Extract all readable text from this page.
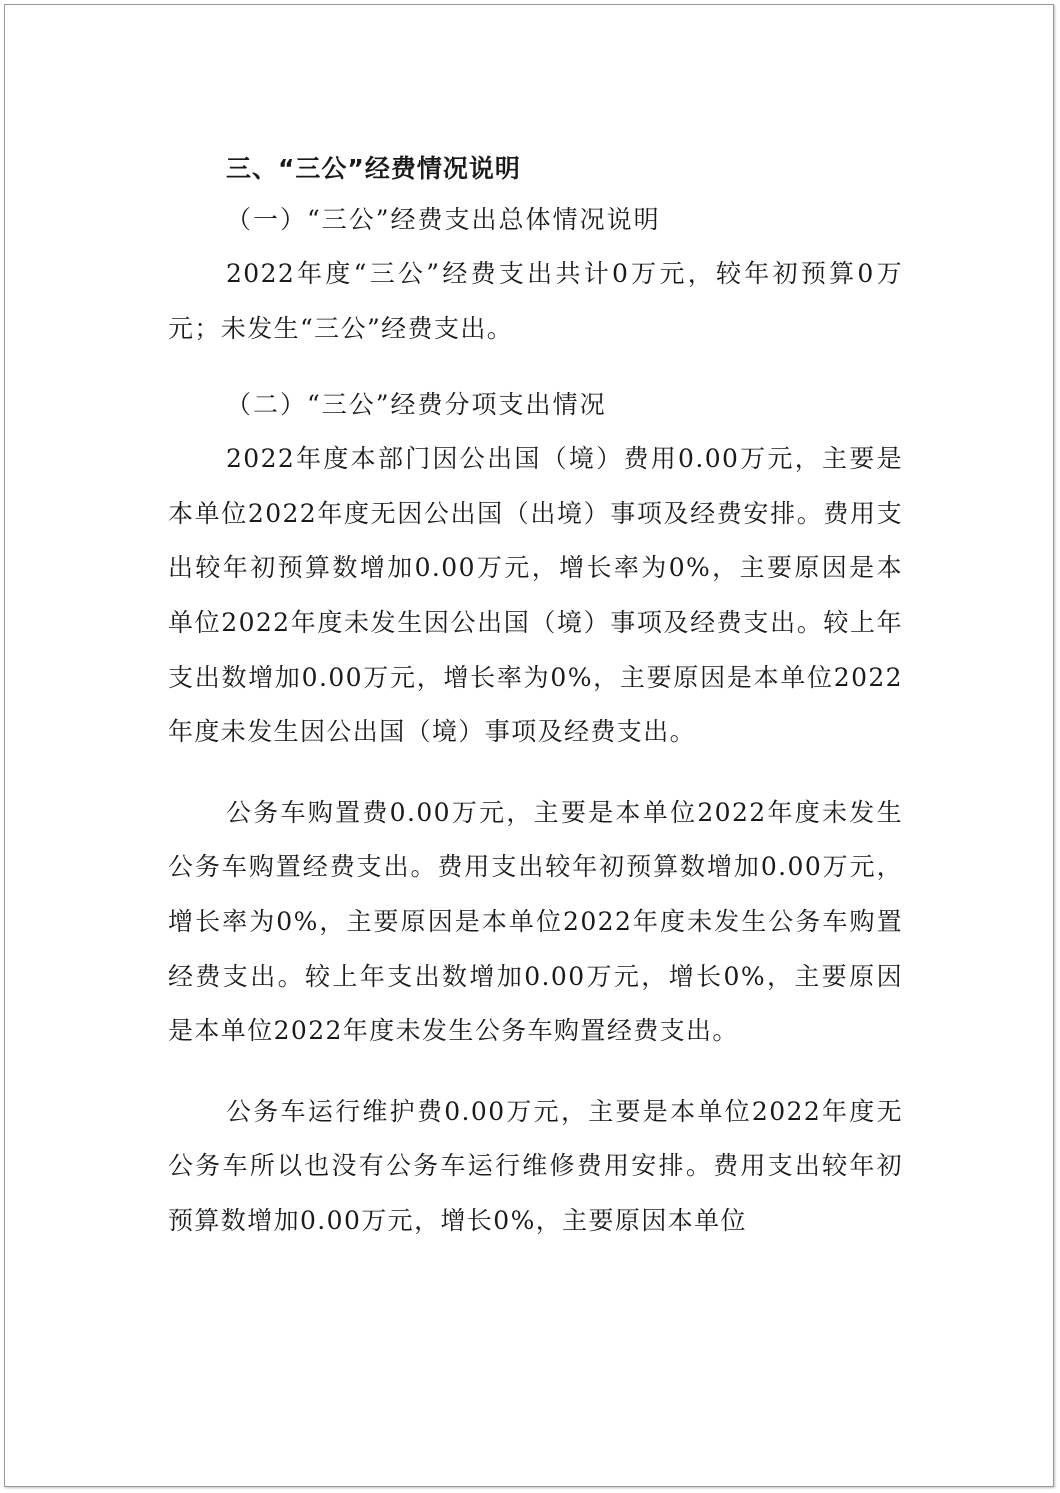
三、“三公”经费情况说明
（一）“三公”经费支出总体情况说明

2022年度“三公”经费支出共计0万元，较年初预算0万元；未发生“三公”经费支出。

（二）“三公”经费分项支出情况

2022年度本部门因公出国（境）费用0.00万元，主要是本单位2022年度无因公出国（出境）事项及经费安排。费用支出较年初预算数增加0.00万元，增长率为0%，主要原因是本单位2022年度未发生因公出国（境）事项及经费支出。较上年支出数增加0.00万元，增长率为0%，主要原因是本单位2022年度未发生因公出国（境）事项及经费支出。

公务车购置费0.00万元，主要是本单位2022年度未发生公务车购置经费支出。费用支出较年初预算数增加0.00万元，增长率为0%，主要原因是本单位2022年度未发生公务车购置经费支出。较上年支出数增加0.00万元，增长0%，主要原因是本单位2022年度未发生公务车购置经费支出。

公务车运行维护费0.00万元，主要是本单位2022年度无公务车所以也没有公务车运行维修费用安排。费用支出较年初预算数增加0.00万元，增长0%，主要原因本单位
